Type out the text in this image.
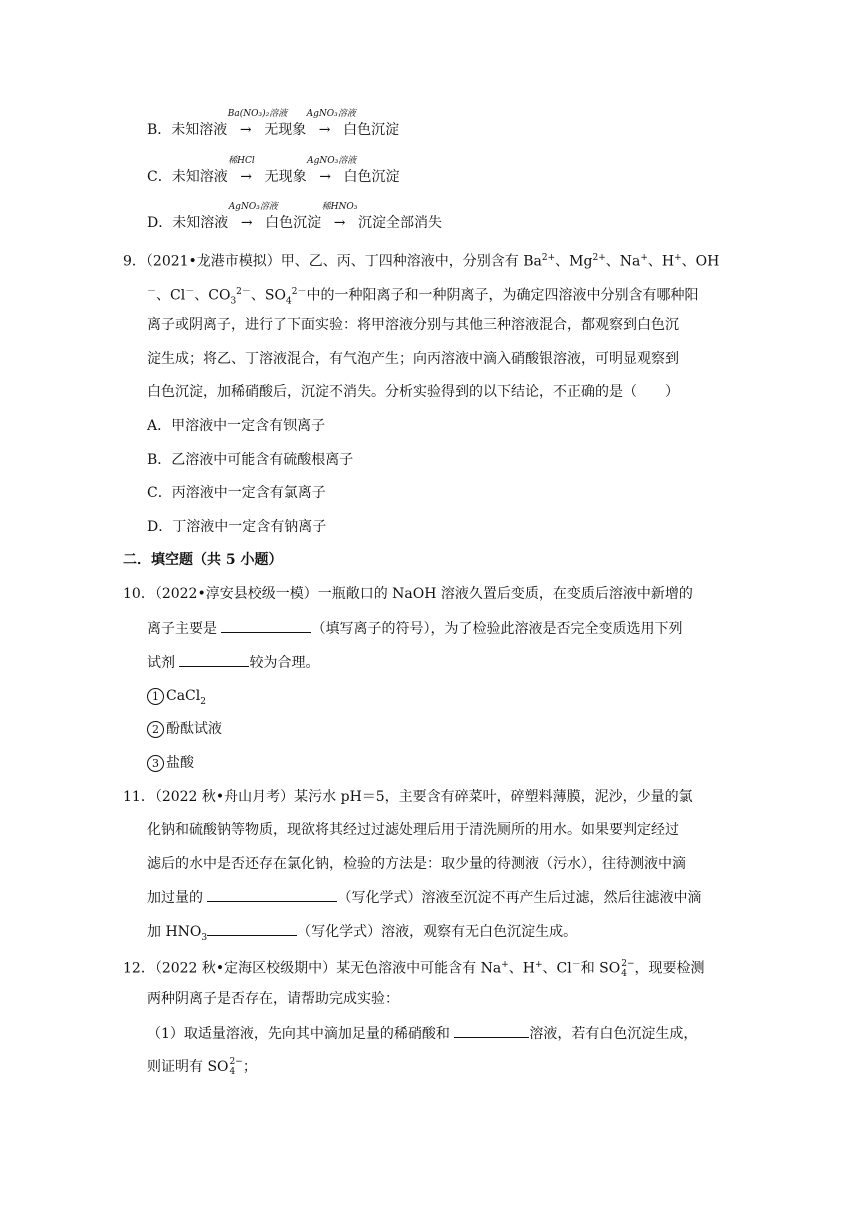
B．未知溶液
Ba(NO₃)₂溶液
→ 无现象
AgNO₃溶液
→ 白色沉淀
C．未知溶液
稀HCl
→ 无现象
AgNO₃溶液
→ 白色沉淀
D．未知溶液
AgNO₃溶液
→ 白色沉淀
稀HNO₃
→ 沉淀全部消失
9．（2021•龙港市模拟）甲、乙、丙、丁四种溶液中，分别含有 $Ba^{2+}$、$Mg^{2+}$、Na+、H+、OH
－、Cl－、$CO_3^{2-}$、$SO_4^{2-}$中的一种阳离子和一种阴离子，为确定四溶液中分别含有哪种阳
离子或阴离子，进行了下面实验：将甲溶液分别与其他三种溶液混合，都观察到白色沉
淀生成；将乙、丁溶液混合，有气泡产生；向丙溶液中滴入硝酸银溶液，可明显观察到
白色沉淀，加稀硝酸后，沉淀不消失。分析实验得到的以下结论，不正确的是（　　）
A．甲溶液中一定含有钡离子
B．乙溶液中可能含有硫酸根离子
C．丙溶液中一定含有氯离子
D．丁溶液中一定含有钠离子
二．填空题（共 5 小题）
10．（2022•淳安县校级一模）一瓶敞口的 NaOH 溶液久置后变质，在变质后溶液中新增的
离子主要是	（填写离子的符号），为了检验此溶液是否完全变质选用下列
试剂	较为合理。
1 CaCl$_2$
2 酚酞试液
3 盐酸
11．（2022 秋•舟山月考）某污水 pH＝5，主要含有碎菜叶，碎塑料薄膜，泥沙，少量的氯
化钠和硫酸钠等物质，现欲将其经过过滤处理后用于清洗厕所的用水。如果要判定经过
滤后的水中是否还存在氯化钠，检验的方法是：取少量的待测液（污水），往待测液中滴
加过量的	（写化学式）溶液至沉淀不再产生后过滤，然后往滤液中滴
加 $HNO_3$	（写化学式）溶液，观察有无白色沉淀生成。
12．（2022 秋•定海区校级期中）某无色溶液中可能含有 Na+、H+、Cl－和 SO 2−
4 ，现要检测
两种阴离子是否存在，请帮助完成实验：
（1）取适量溶液，先向其中滴加足量的稀硝酸和	溶液，若有白色沉淀生成，
则证明有 SO 2−
4 ；
